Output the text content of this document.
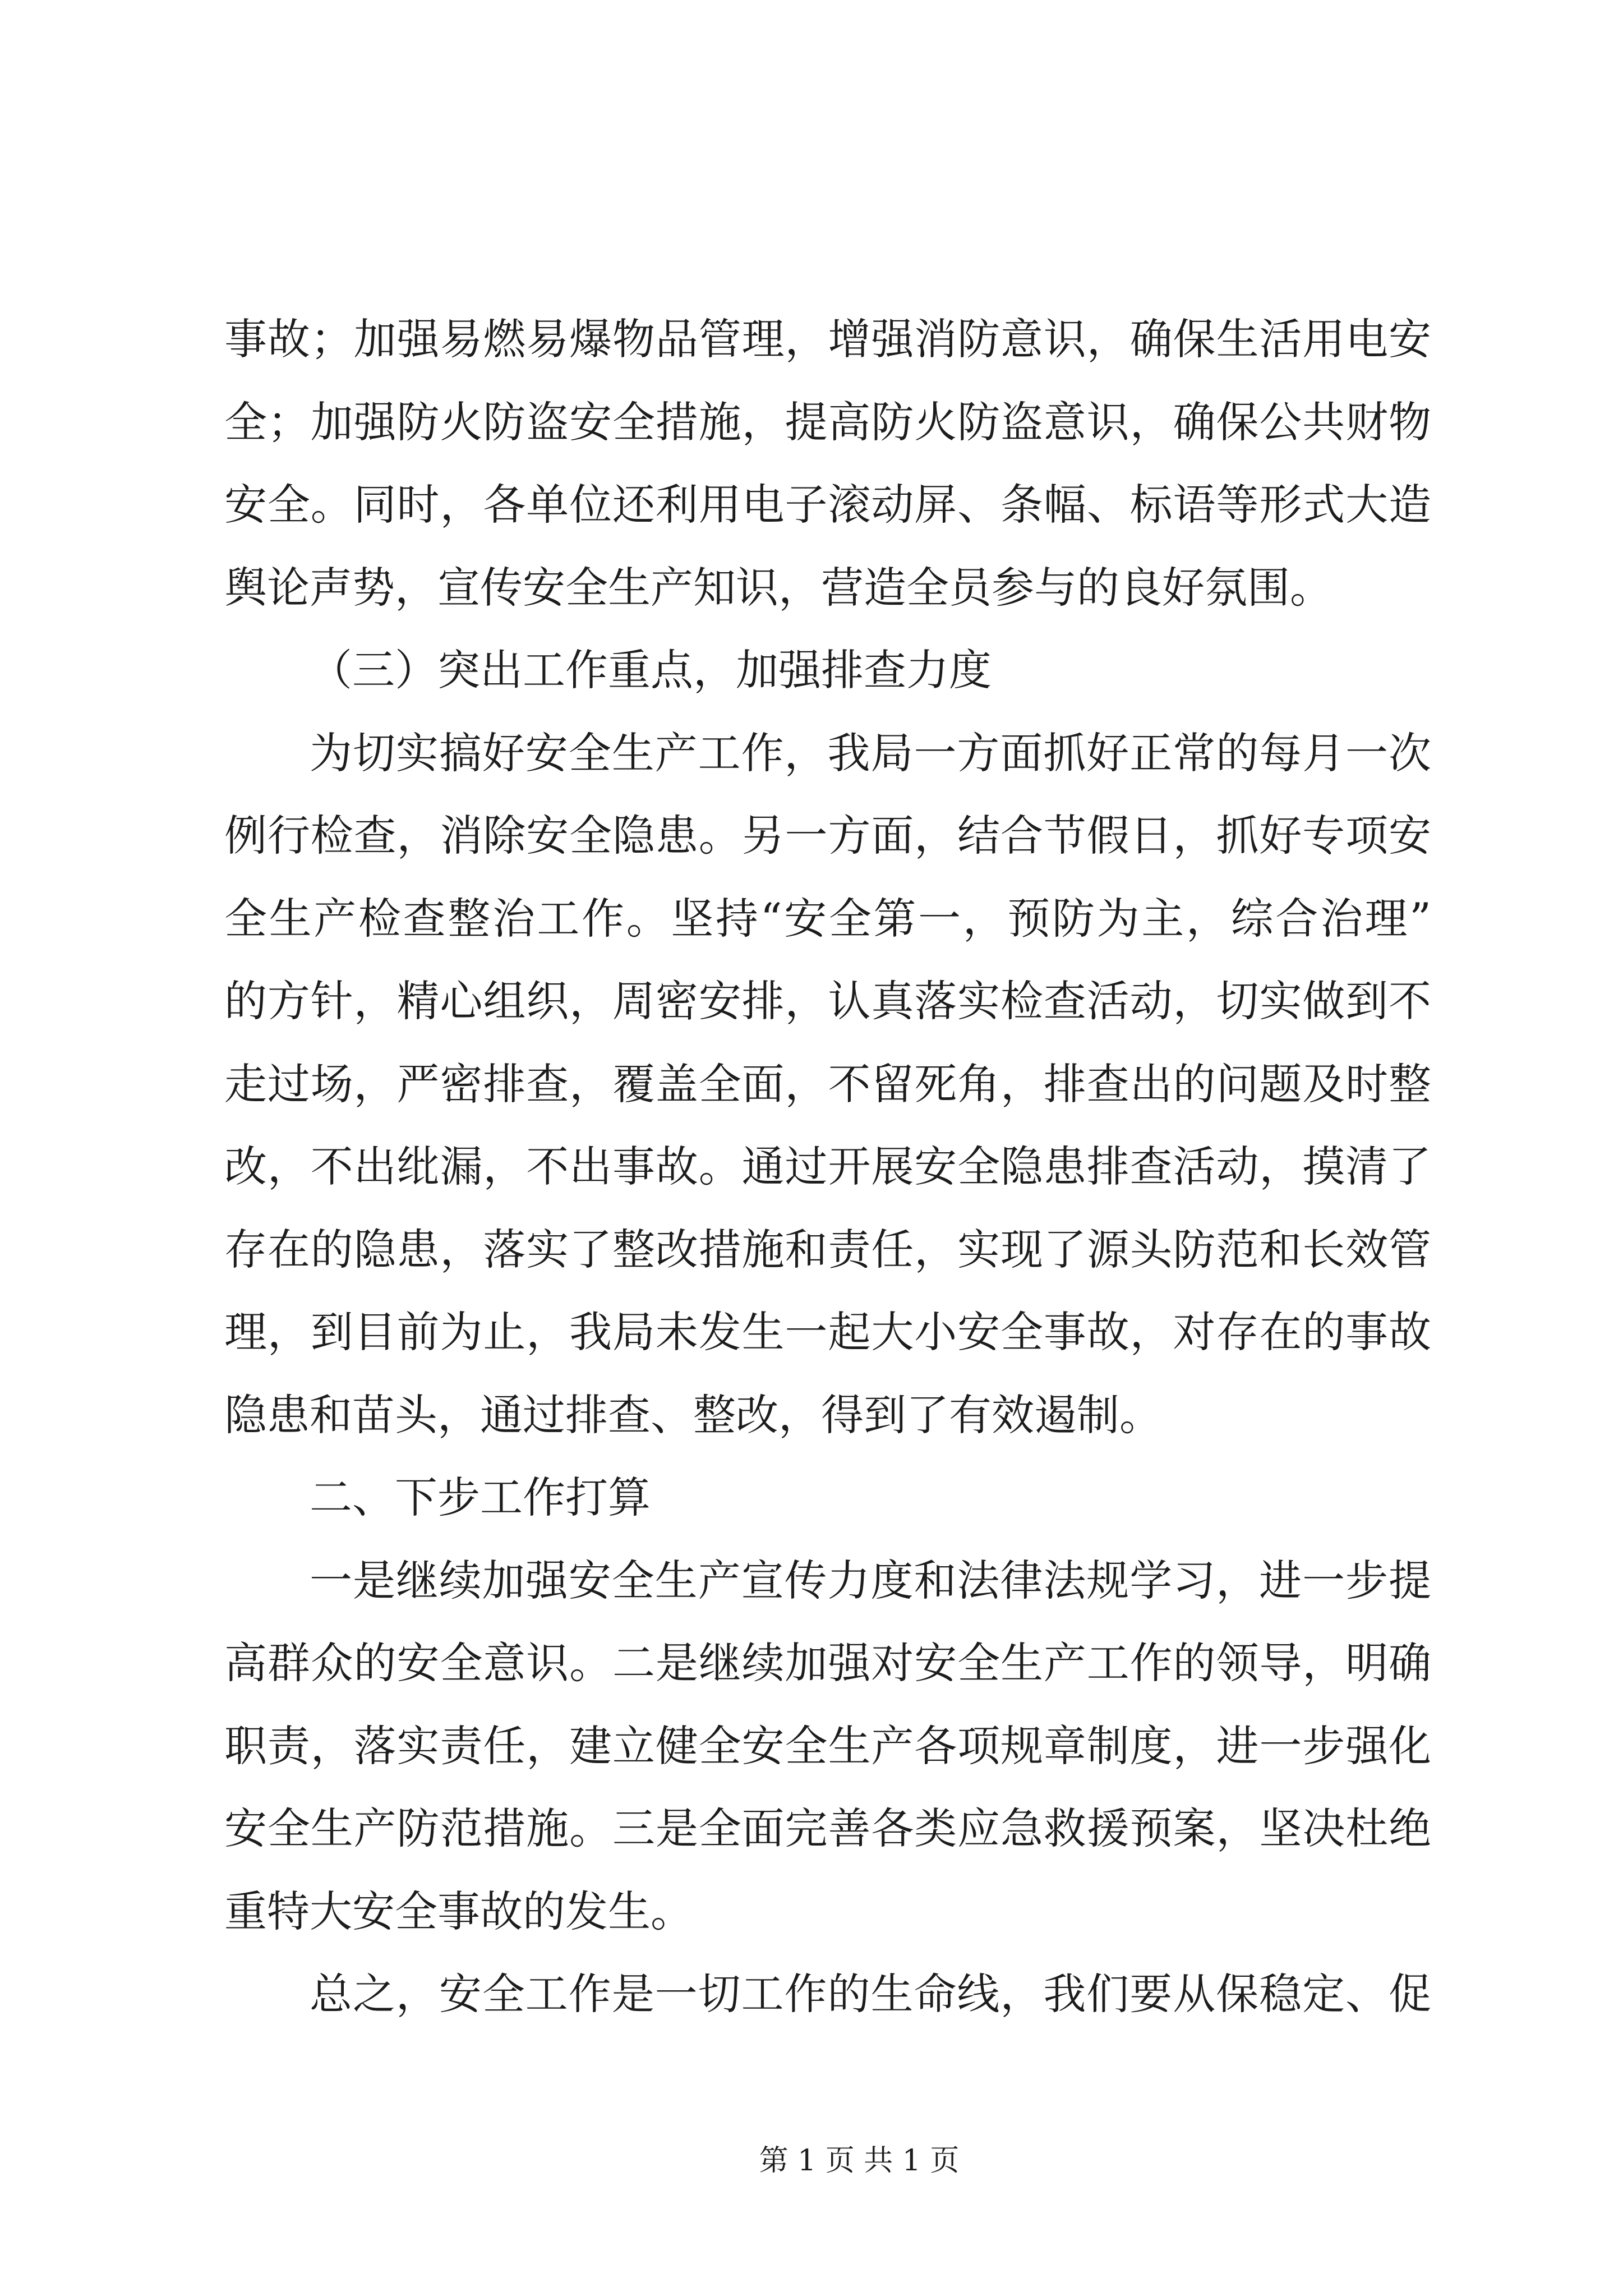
事故；加强易燃易爆物品管理，增强消防意识，确保生活用电安
全；加强防火防盗安全措施，提高防火防盗意识，确保公共财物
安全。同时，各单位还利用电子滚动屏、条幅、标语等形式大造
舆论声势，宣传安全生产知识，营造全员参与的良好氛围。
（三）突出工作重点，加强排查力度
为切实搞好安全生产工作，我局一方面抓好正常的每月一次
例行检查，消除安全隐患。另一方面，结合节假日，抓好专项安
全生产检查整治工作。坚持“安全第一，预防为主，综合治理”
的方针，精心组织，周密安排，认真落实检查活动，切实做到不
走过场，严密排查，覆盖全面，不留死角，排查出的问题及时整
改，不出纰漏，不出事故。通过开展安全隐患排查活动，摸清了
存在的隐患，落实了整改措施和责任，实现了源头防范和长效管
理，到目前为止，我局未发生一起大小安全事故，对存在的事故
隐患和苗头，通过排查、整改，得到了有效遏制。
二、下步工作打算
一是继续加强安全生产宣传力度和法律法规学习，进一步提
高群众的安全意识。二是继续加强对安全生产工作的领导，明确
职责，落实责任，建立健全安全生产各项规章制度，进一步强化
安全生产防范措施。三是全面完善各类应急救援预案，坚决杜绝
重特大安全事故的发生。
总之，安全工作是一切工作的生命线，我们要从保稳定、促
第 1 页 共 1 页
